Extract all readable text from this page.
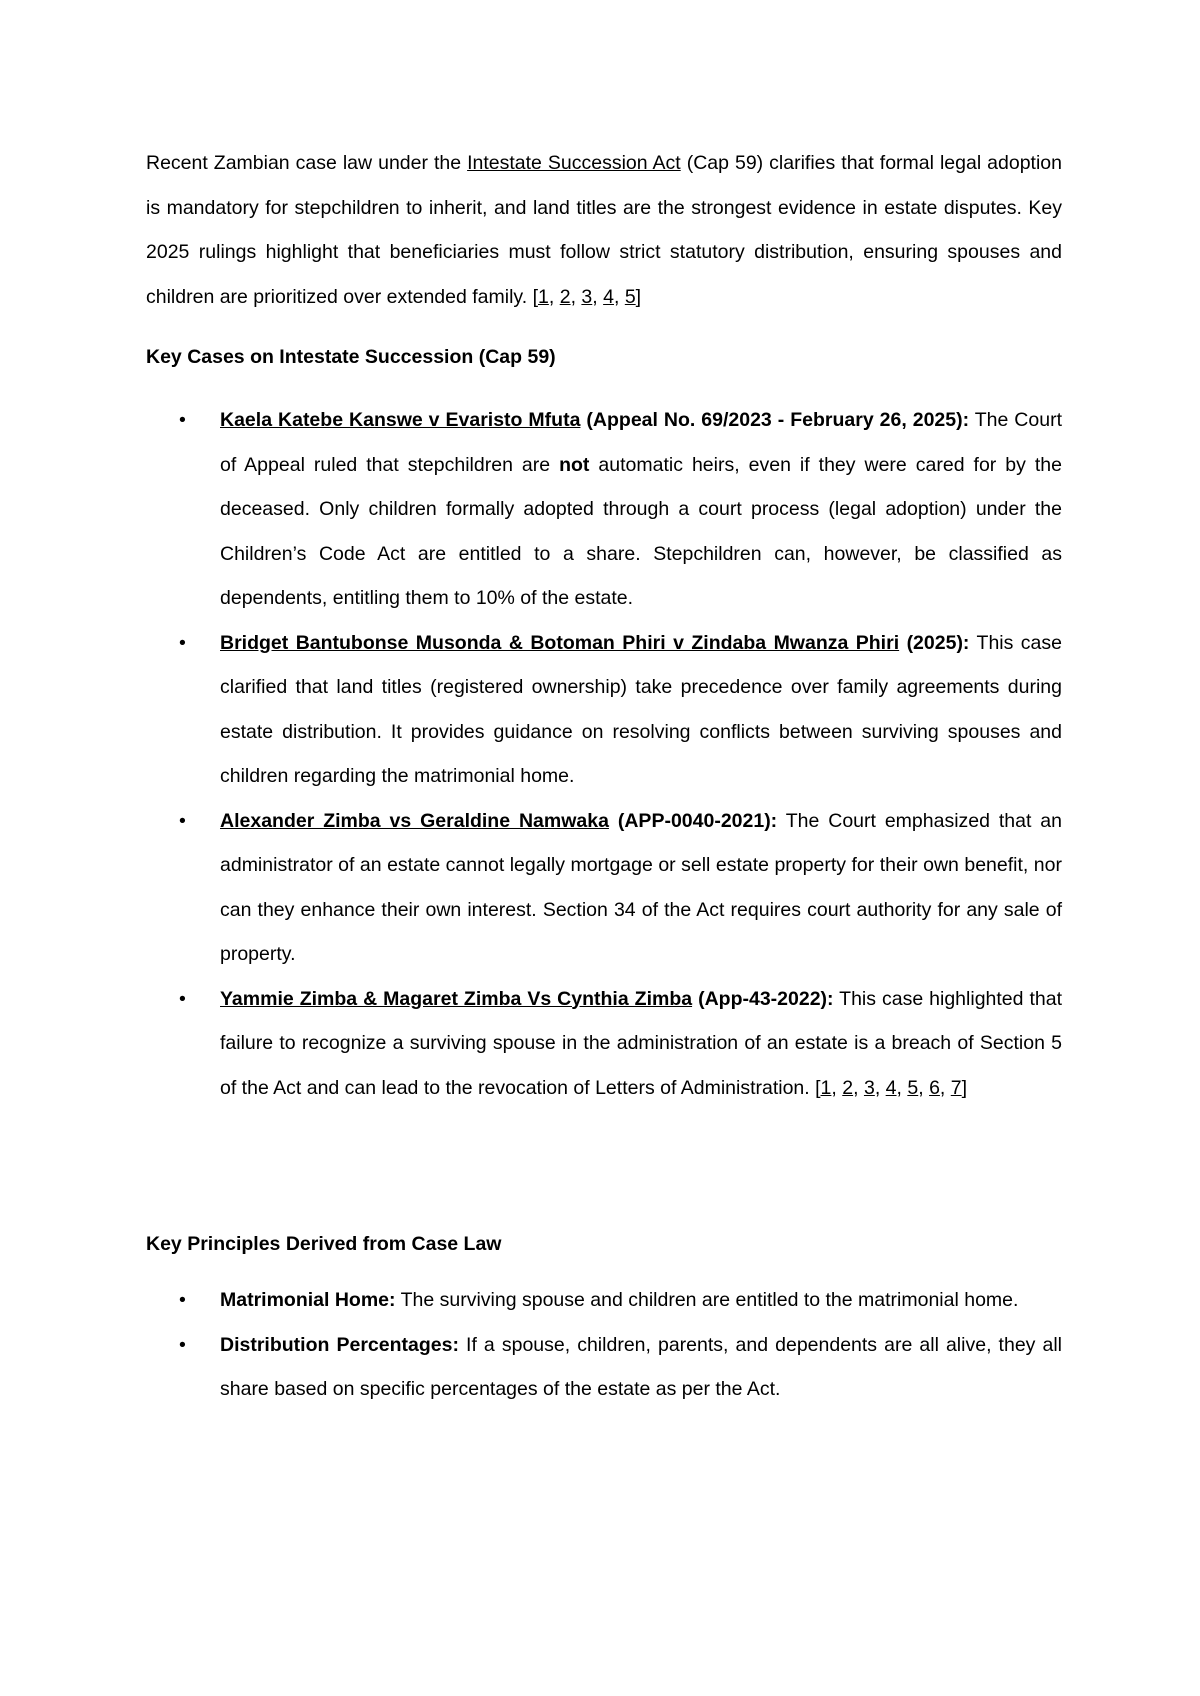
Recent Zambian case law under the Intestate Succession Act (Cap 59) clarifies that formal legal adoption is mandatory for stepchildren to inherit, and land titles are the strongest evidence in estate disputes. Key 2025 rulings highlight that beneficiaries must follow strict statutory distribution, ensuring spouses and children are prioritized over extended family. [1, 2, 3, 4, 5]

Key Cases on Intestate Succession (Cap 59)

• Kaela Katebe Kanswe v Evaristo Mfuta (Appeal No. 69/2023 - February 26, 2025): The Court of Appeal ruled that stepchildren are not automatic heirs, even if they were cared for by the deceased. Only children formally adopted through a court process (legal adoption) under the Children’s Code Act are entitled to a share. Stepchildren can, however, be classified as dependents, entitling them to 10% of the estate.
• Bridget Bantubonse Musonda & Botoman Phiri v Zindaba Mwanza Phiri (2025): This case clarified that land titles (registered ownership) take precedence over family agreements during estate distribution. It provides guidance on resolving conflicts between surviving spouses and children regarding the matrimonial home.
• Alexander Zimba vs Geraldine Namwaka (APP-0040-2021): The Court emphasized that an administrator of an estate cannot legally mortgage or sell estate property for their own benefit, nor can they enhance their own interest. Section 34 of the Act requires court authority for any sale of property.
• Yammie Zimba & Magaret Zimba Vs Cynthia Zimba (App-43-2022): This case highlighted that failure to recognize a surviving spouse in the administration of an estate is a breach of Section 5 of the Act and can lead to the revocation of Letters of Administration. [1, 2, 3, 4, 5, 6, 7]

Key Principles Derived from Case Law

• Matrimonial Home: The surviving spouse and children are entitled to the matrimonial home.
• Distribution Percentages: If a spouse, children, parents, and dependents are all alive, they all share based on specific percentages of the estate as per the Act.
